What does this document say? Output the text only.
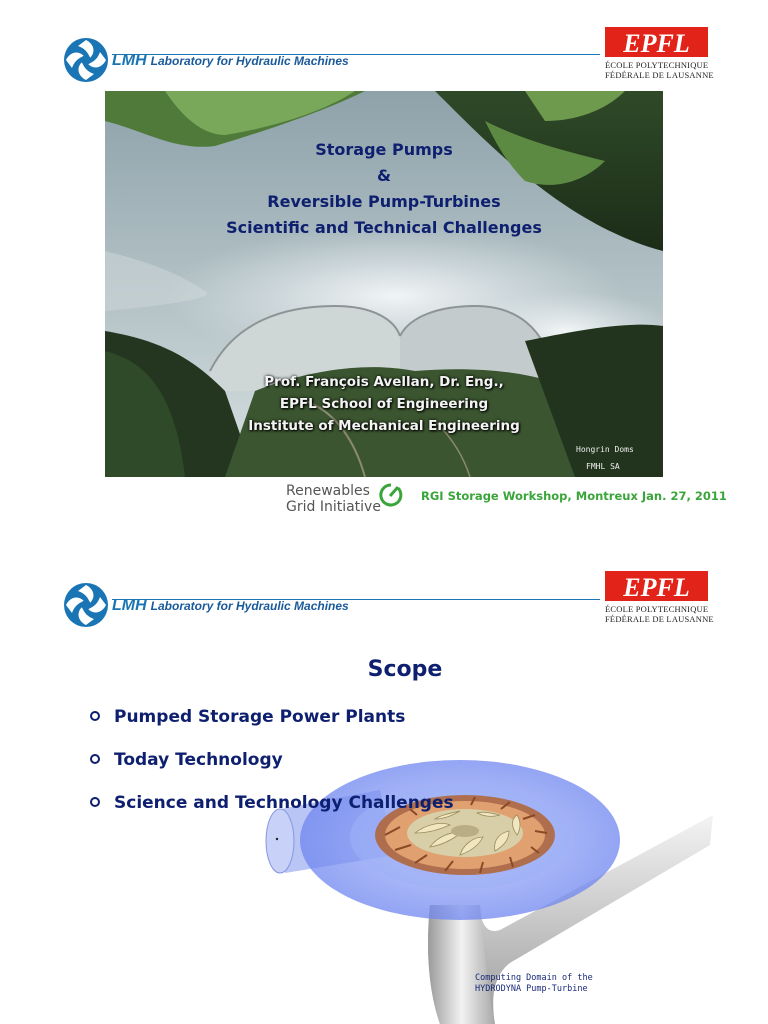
LMH Laboratory for Hydraulic Machines
EPFL
ÉCOLE POLYTECHNIQUE
FÉDÉRALE DE LAUSANNE
Storage Pumps
&
Reversible Pump-Turbines
Scientific and Technical Challenges
Prof. François Avellan, Dr. Eng.,
EPFL School of Engineering
Institute of Mechanical Engineering
Hongrin Doms
FMHL SA
Renewables
Grid Initiative
RGI Storage Workshop, Montreux Jan. 27, 2011
LMH Laboratory for Hydraulic Machines
EPFL
ÉCOLE POLYTECHNIQUE
FÉDÉRALE DE LAUSANNE
Scope
Pumped Storage Power Plants
Today Technology
Science and Technology Challenges
Computing Domain of the HYDRODYNA Pump-Turbine
